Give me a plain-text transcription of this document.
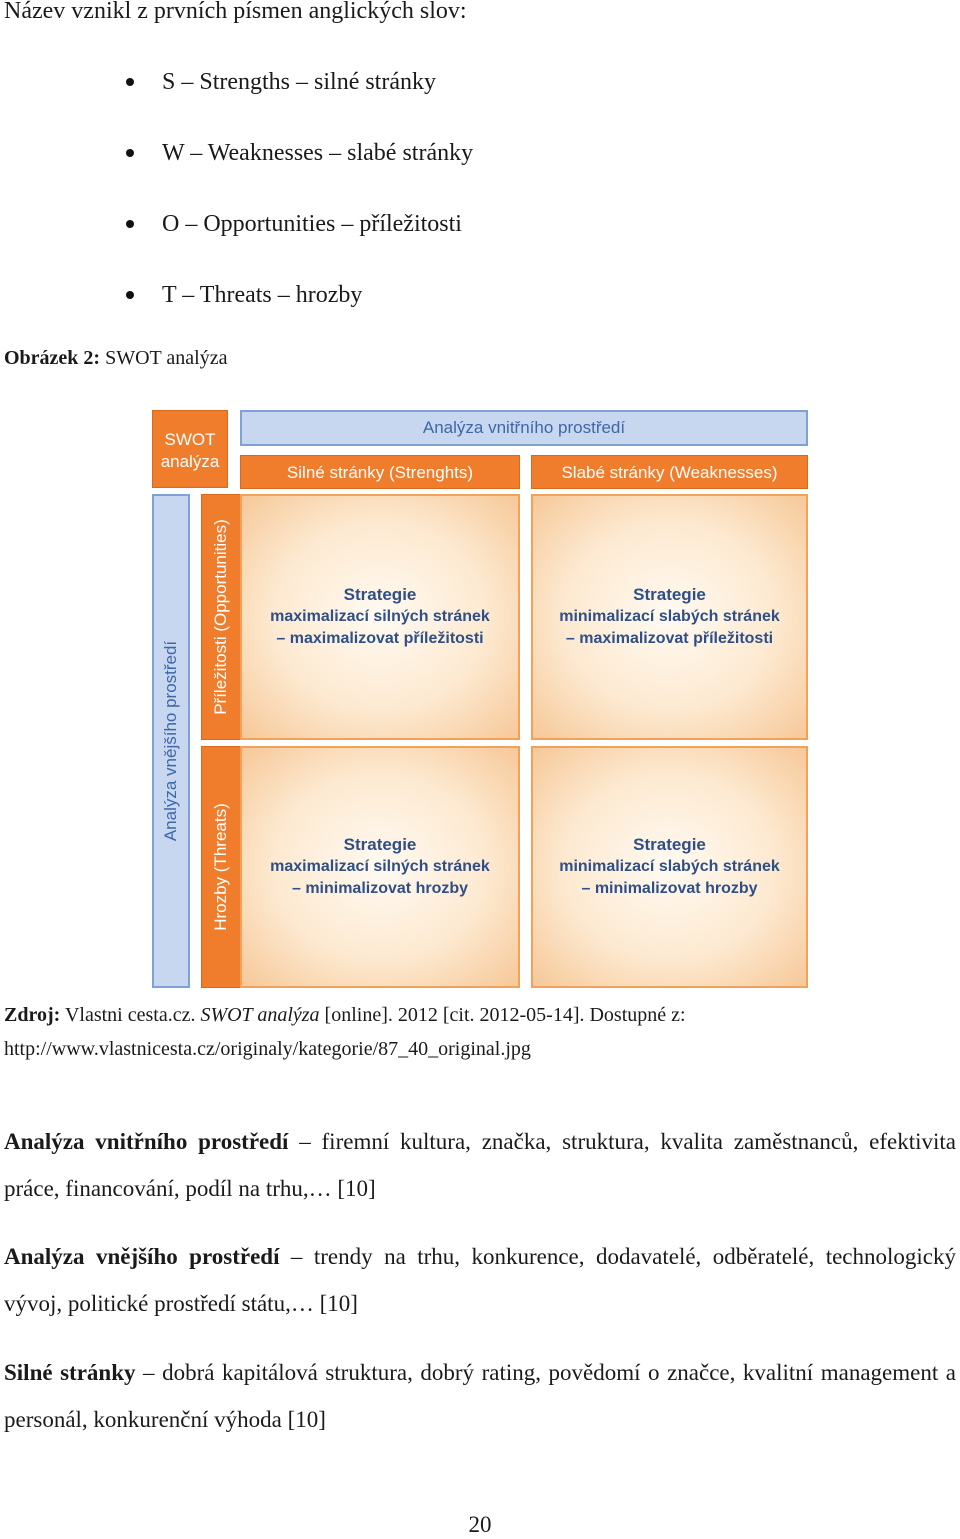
Název vznikl z prvních písmen anglických slov:
S – Strengths – silné stránky
W – Weaknesses – slabé stránky
O – Opportunities – příležitosti
T – Threats – hrozby
Obrázek 2: SWOT analýza
SWOT
analýza
Analýza vnitřního prostředí
Silné stránky (Strenghts)	Slabé stránky (Weaknesses)
Analýza vnějšího prostředí
Příležitosti (Opportunities)
Hrozby (Threats)
Strategie
maximalizací silných stránek
– maximalizovat příležitosti
Strategie
minimalizací slabých stránek
– maximalizovat příležitosti
Strategie
maximalizací silných stránek
– minimalizovat hrozby
Strategie
minimalizací slabých stránek
– minimalizovat hrozby
Zdroj: Vlastni cesta.cz. SWOT analýza [online]. 2012 [cit. 2012-05-14]. Dostupné z:
http://www.vlastnicesta.cz/originaly/kategorie/87_40_original.jpg
Analýza vnitřního prostředí – firemní kultura, značka, struktura, kvalita zaměstnanců, efektivita práce, financování, podíl na trhu,… [10]
Analýza vnějšího prostředí – trendy na trhu, konkurence, dodavatelé, odběratelé, technologický vývoj, politické prostředí státu,… [10]
Silné stránky – dobrá kapitálová struktura, dobrý rating, povědomí o značce, kvalitní management a personál, konkurenční výhoda [10]
20
